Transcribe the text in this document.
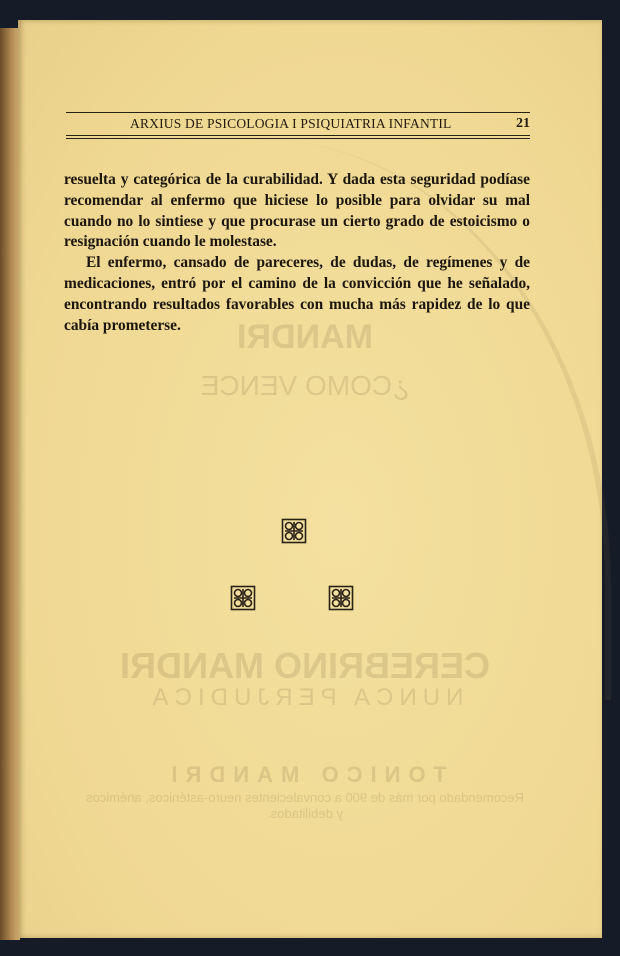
MANDRI
¿COMO VENCE
CEREBRINO MANDRI
NUNCA PERJUDICA
TONICO MANDRI
Recomendado por más de 900 a convalecientes neuro-asténicos, anémicos y debilitados.
ARXIUS DE PSICOLOGIA I PSIQUIATRIA INFANTIL	21

resuelta y categórica de la curabilidad. Y dada esta seguridad podíase recomendar al enfermo que hiciese lo posible para olvidar su mal cuando no lo sintiese y que procurase un cierto grado de estoicismo o resignación cuando le molestase.

El enfermo, cansado de pareceres, de dudas, de regímenes y de medicaciones, entró por el camino de la convicción que he señalado, encontrando resultados favorables con mucha más rapidez de lo que cabía prometerse.
